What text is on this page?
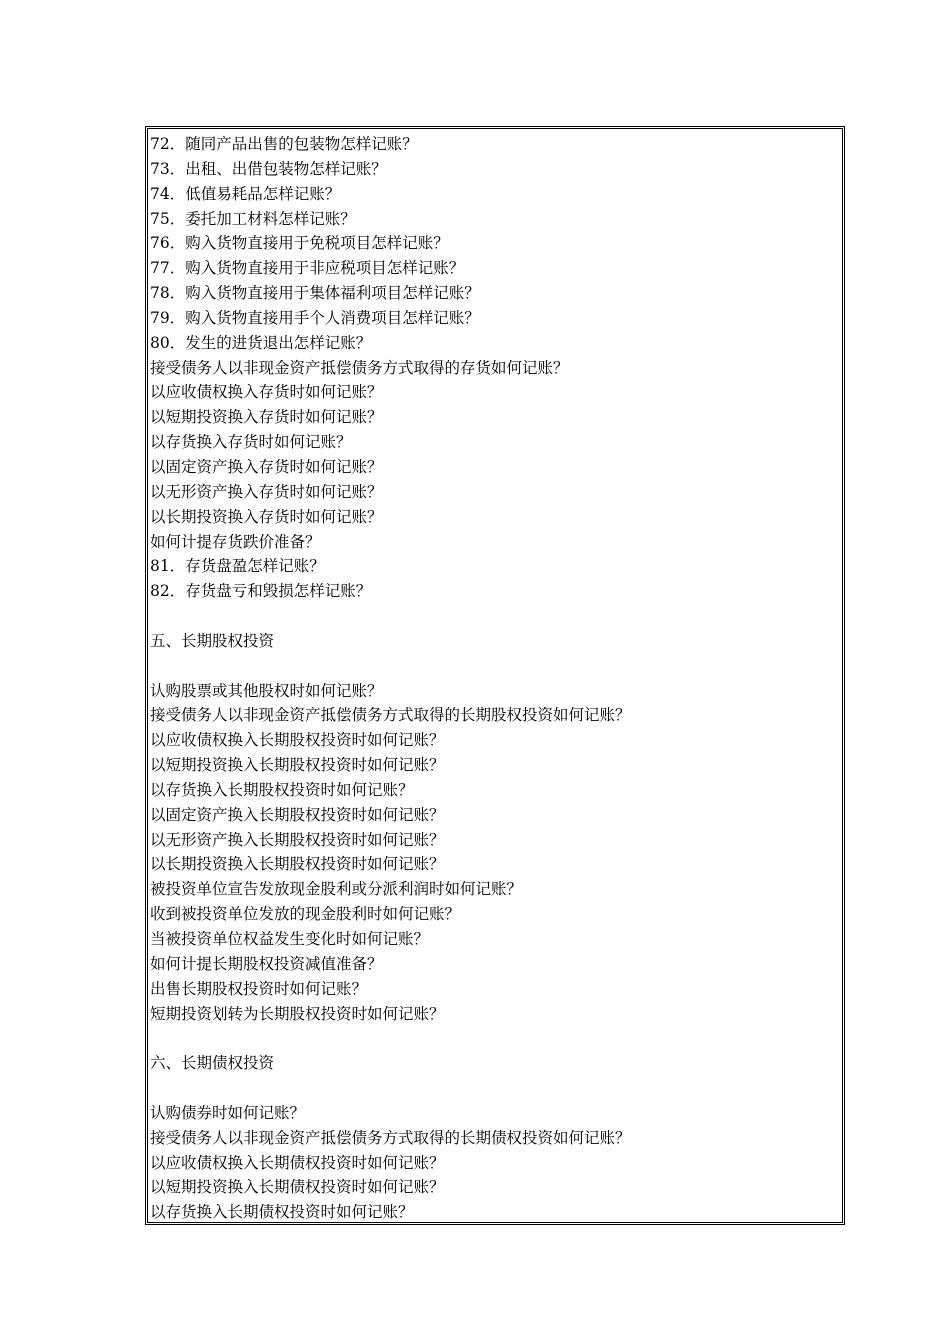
72．随同产品出售的包装物怎样记账？
73．出租、出借包装物怎样记账？
74．低值易耗品怎样记账？
75．委托加工材料怎样记账？
76．购入货物直接用于免税项目怎样记账？
77．购入货物直接用于非应税项目怎样记账？
78．购入货物直接用于集体福利项目怎样记账？
79．购入货物直接用手个人消费项目怎样记账？
80．发生的进货退出怎样记账？
接受债务人以非现金资产抵偿债务方式取得的存货如何记账？
以应收债权换入存货时如何记账？
以短期投资换入存货时如何记账？
以存货换入存货时如何记账？
以固定资产换入存货时如何记账？
以无形资产换入存货时如何记账？
以长期投资换入存货时如何记账？
如何计提存货跌价准备？
81．存货盘盈怎样记账？
82．存货盘亏和毁损怎样记账？
五、长期股权投资
认购股票或其他股权时如何记账？
接受债务人以非现金资产抵偿债务方式取得的长期股权投资如何记账？
以应收债权换入长期股权投资时如何记账？
以短期投资换入长期股权投资时如何记账？
以存货换入长期股权投资时如何记账？
以固定资产换入长期股权投资时如何记账？
以无形资产换入长期股权投资时如何记账？
以长期投资换入长期股权投资时如何记账？
被投资单位宣告发放现金股利或分派利润时如何记账？
收到被投资单位发放的现金股利时如何记账？
当被投资单位权益发生变化时如何记账？
如何计提长期股权投资减值准备？
出售长期股权投资时如何记账？
短期投资划转为长期股权投资时如何记账？
六、长期债权投资
认购债券时如何记账？
接受债务人以非现金资产抵偿债务方式取得的长期债权投资如何记账？
以应收债权换入长期债权投资时如何记账？
以短期投资换入长期债权投资时如何记账？
以存货换入长期债权投资时如何记账？
